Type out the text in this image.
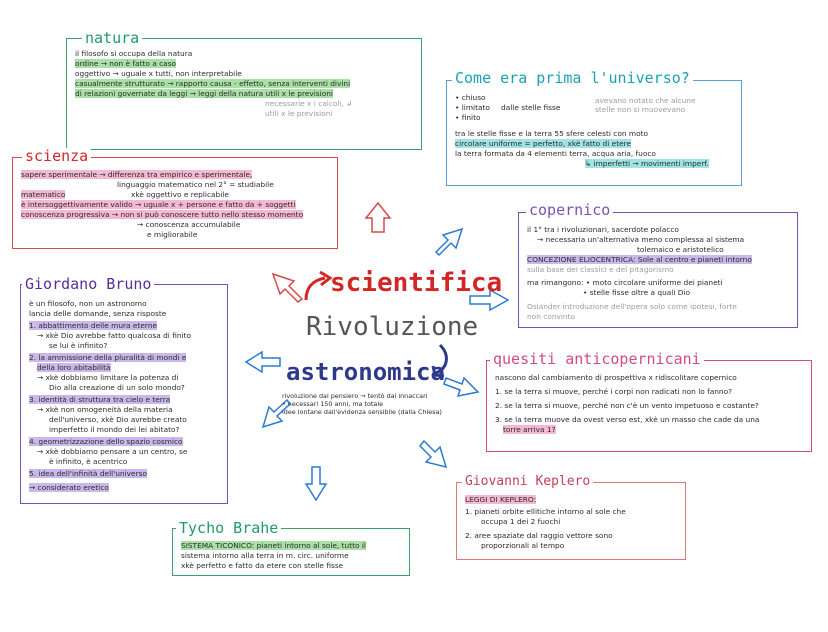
il filosofo si occupa della natura
ordine → non è fatto a caso
oggettivo → uguale x tutti, non interpretabile
casualmente strutturato → rapporto causa - effetto, senza interventi divini
di relazioni governate da leggi → leggi della natura utili x le previsioni
necessarie x i calcoli, ↲
utili x le previsioni
natura
• chiuso
• limitato
• finito
dalle stelle fisse
avevano notato che alcune
stelle non si muovevano
tra le stelle fisse e la terra 55 sfere celesti con moto
circolare uniforme = perfetto, xkè fatto di etere
la terra formata da 4 elementi terra, acqua aria, fuoco
↳ imperfetti → movimenti imperf.
Come era prima l'universo?
sapere sperimentale → differenza tra empirico e sperimentale,
linguaggio matematico nel 2° = studiabile
matematico	xkè oggettivo e replicabile
è intersoggettivamente valido → uguale x + persone e fatto da + soggetti
conoscenza progressiva → non si può conoscere tutto nello stesso momento
→ conoscenza accumulabile
e migliorabile
scienza
il 1° tra i rivoluzionari, sacerdote polacco
→ necessaria un'alternativa meno complessa al sistema
tolemaico e aristotelico
CONCEZIONE ELIOCENTRICA: Sole al centro e pianeti intorno
sulla base dei classici e del pitagorismo
ma rimangono: • moto circolare uniforme dei pianeti
• stelle fisse oltre a quali Dio
Osiander introduzione dell'opera solo come ipotesi, forte
non convinto
copernico
è un filosofo, non un astronomo
lancia delle domande, senza risposte
1. abbattimento delle mura eterne
→ xkè Dio avrebbe fatto qualcosa di finito
se lui è infinito?
2. la ammissione della pluralità di mondi e
della loro abitabilità
→ xkè dobbiamo limitare la potenza di
Dio alla creazione di un solo mondo?
3. identità di struttura tra cielo e terra
→ xkè non omogeneità della materia
dell'universo, xkè Dio avrebbe creato
imperfetto il mondo dei lei abitato?
4. geometrizzazione dello spazio cosmico
→ xkè dobbiamo pensare a un centro, se
è infinito, è acentrico
5. idea dell'infinità dell'universo
→ considerato eretico
Giordano Bruno	scientifica
Rivoluzione
astronomica
rivoluzione dal pensiero → tentò dai innaccari
• necessari 150 anni, ma totale
idee lontane dall'evidenza sensibile (dalla Chiesa)
nascono dal cambiamento di prospettiva x ridiscolitare copernico
1. se la terra si muove, perché i corpi non radicati non lo fanno?
2. se la terra si muove, perché non c'è un vento impetuoso e costante?
3. se la terra muove da ovest verso est, xkè un masso che cade da una
torre arriva 1?
quesiti anticopernicani
LEGGI DI KEPLERO:
1. pianeti orbite ellitiche intorno al sole che
occupa 1 dei 2 fuochi
2. aree spaziate dal raggio vettore sono
proporzionali al tempo
Giovanni Keplero
SISTEMA TICONICO: pianeti intorno al sole, tutto il
sistema intorno alla terra in m. circ. uniforme
xkè perfetto e fatto da etere con stelle fisse
Tycho Brahe
